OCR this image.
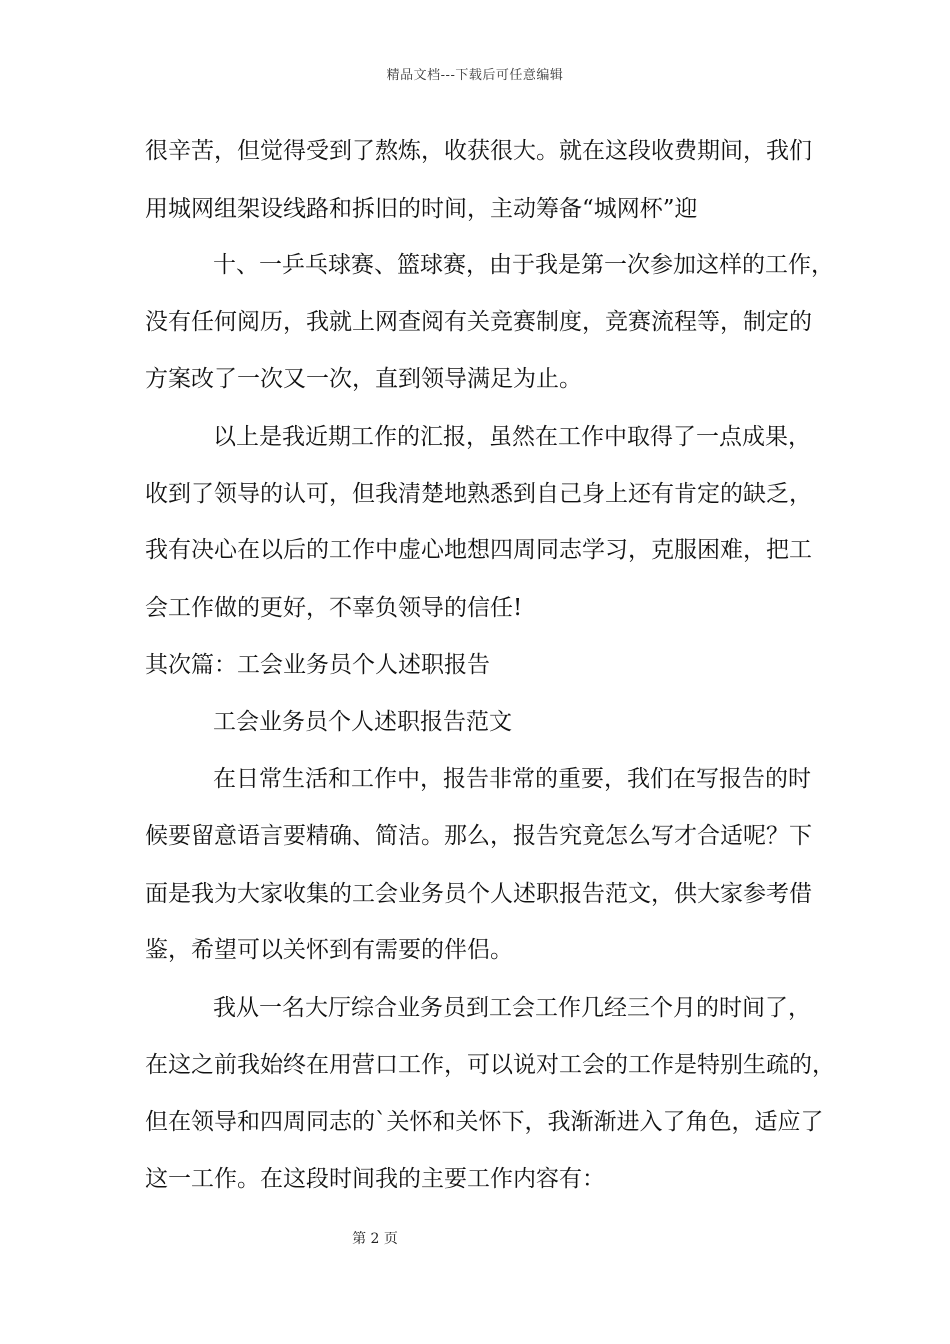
精品文档---下载后可任意编辑
很辛苦，但觉得受到了熬炼，收获很大。就在这段收费期间，我们
用城网组架设线路和拆旧的时间，主动筹备“城网杯”迎
十、一乒乓球赛、篮球赛，由于我是第一次参加这样的工作，
没有任何阅历，我就上网查阅有关竞赛制度，竞赛流程等，制定的
方案改了一次又一次，直到领导满足为止。
以上是我近期工作的汇报，虽然在工作中取得了一点成果，
收到了领导的认可，但我清楚地熟悉到自己身上还有肯定的缺乏，
我有决心在以后的工作中虚心地想四周同志学习，克服困难，把工
会工作做的更好，不辜负领导的信任!
其次篇：工会业务员个人述职报告
工会业务员个人述职报告范文
在日常生活和工作中，报告非常的重要，我们在写报告的时
候要留意语言要精确、简洁。那么，报告究竟怎么写才合适呢？下
面是我为大家收集的工会业务员个人述职报告范文，供大家参考借
鉴，希望可以关怀到有需要的伴侣。
我从一名大厅综合业务员到工会工作几经三个月的时间了，
在这之前我始终在用营口工作，可以说对工会的工作是特别生疏的，
但在领导和四周同志的`关怀和关怀下，我渐渐进入了角色，适应了
这一工作。在这段时间我的主要工作内容有：
第 2 页
